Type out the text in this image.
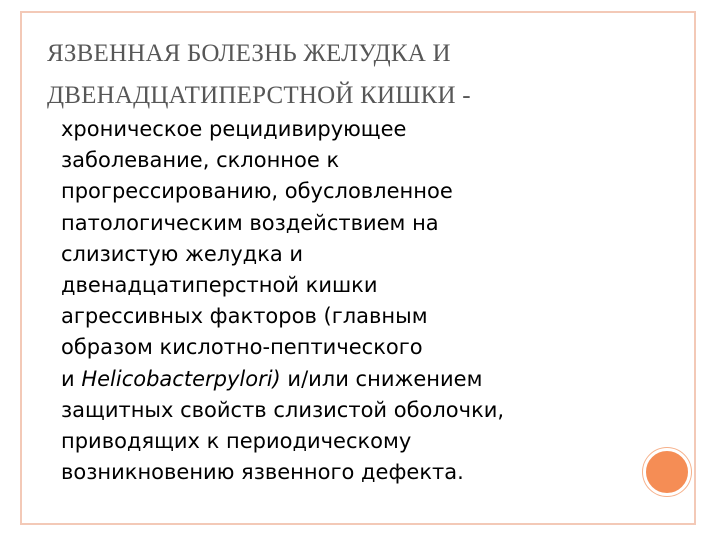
ЯЗВЕННАЯ БОЛЕЗНЬ ЖЕЛУДКА И
ДВЕНАДЦАТИПЕРСТНОЙ КИШКИ -
хроническое рецидивирующее
заболевание, склонное к
прогрессированию, обусловленное
патологическим воздействием на
слизистую желудка и
двенадцатиперстной кишки
агрессивных факторов (главным
образом кислотно-пептического
и Helicobacterpylori) и/или снижением
защитных свойств слизистой оболочки,
приводящих к периодическому
возникновению язвенного дефекта.
